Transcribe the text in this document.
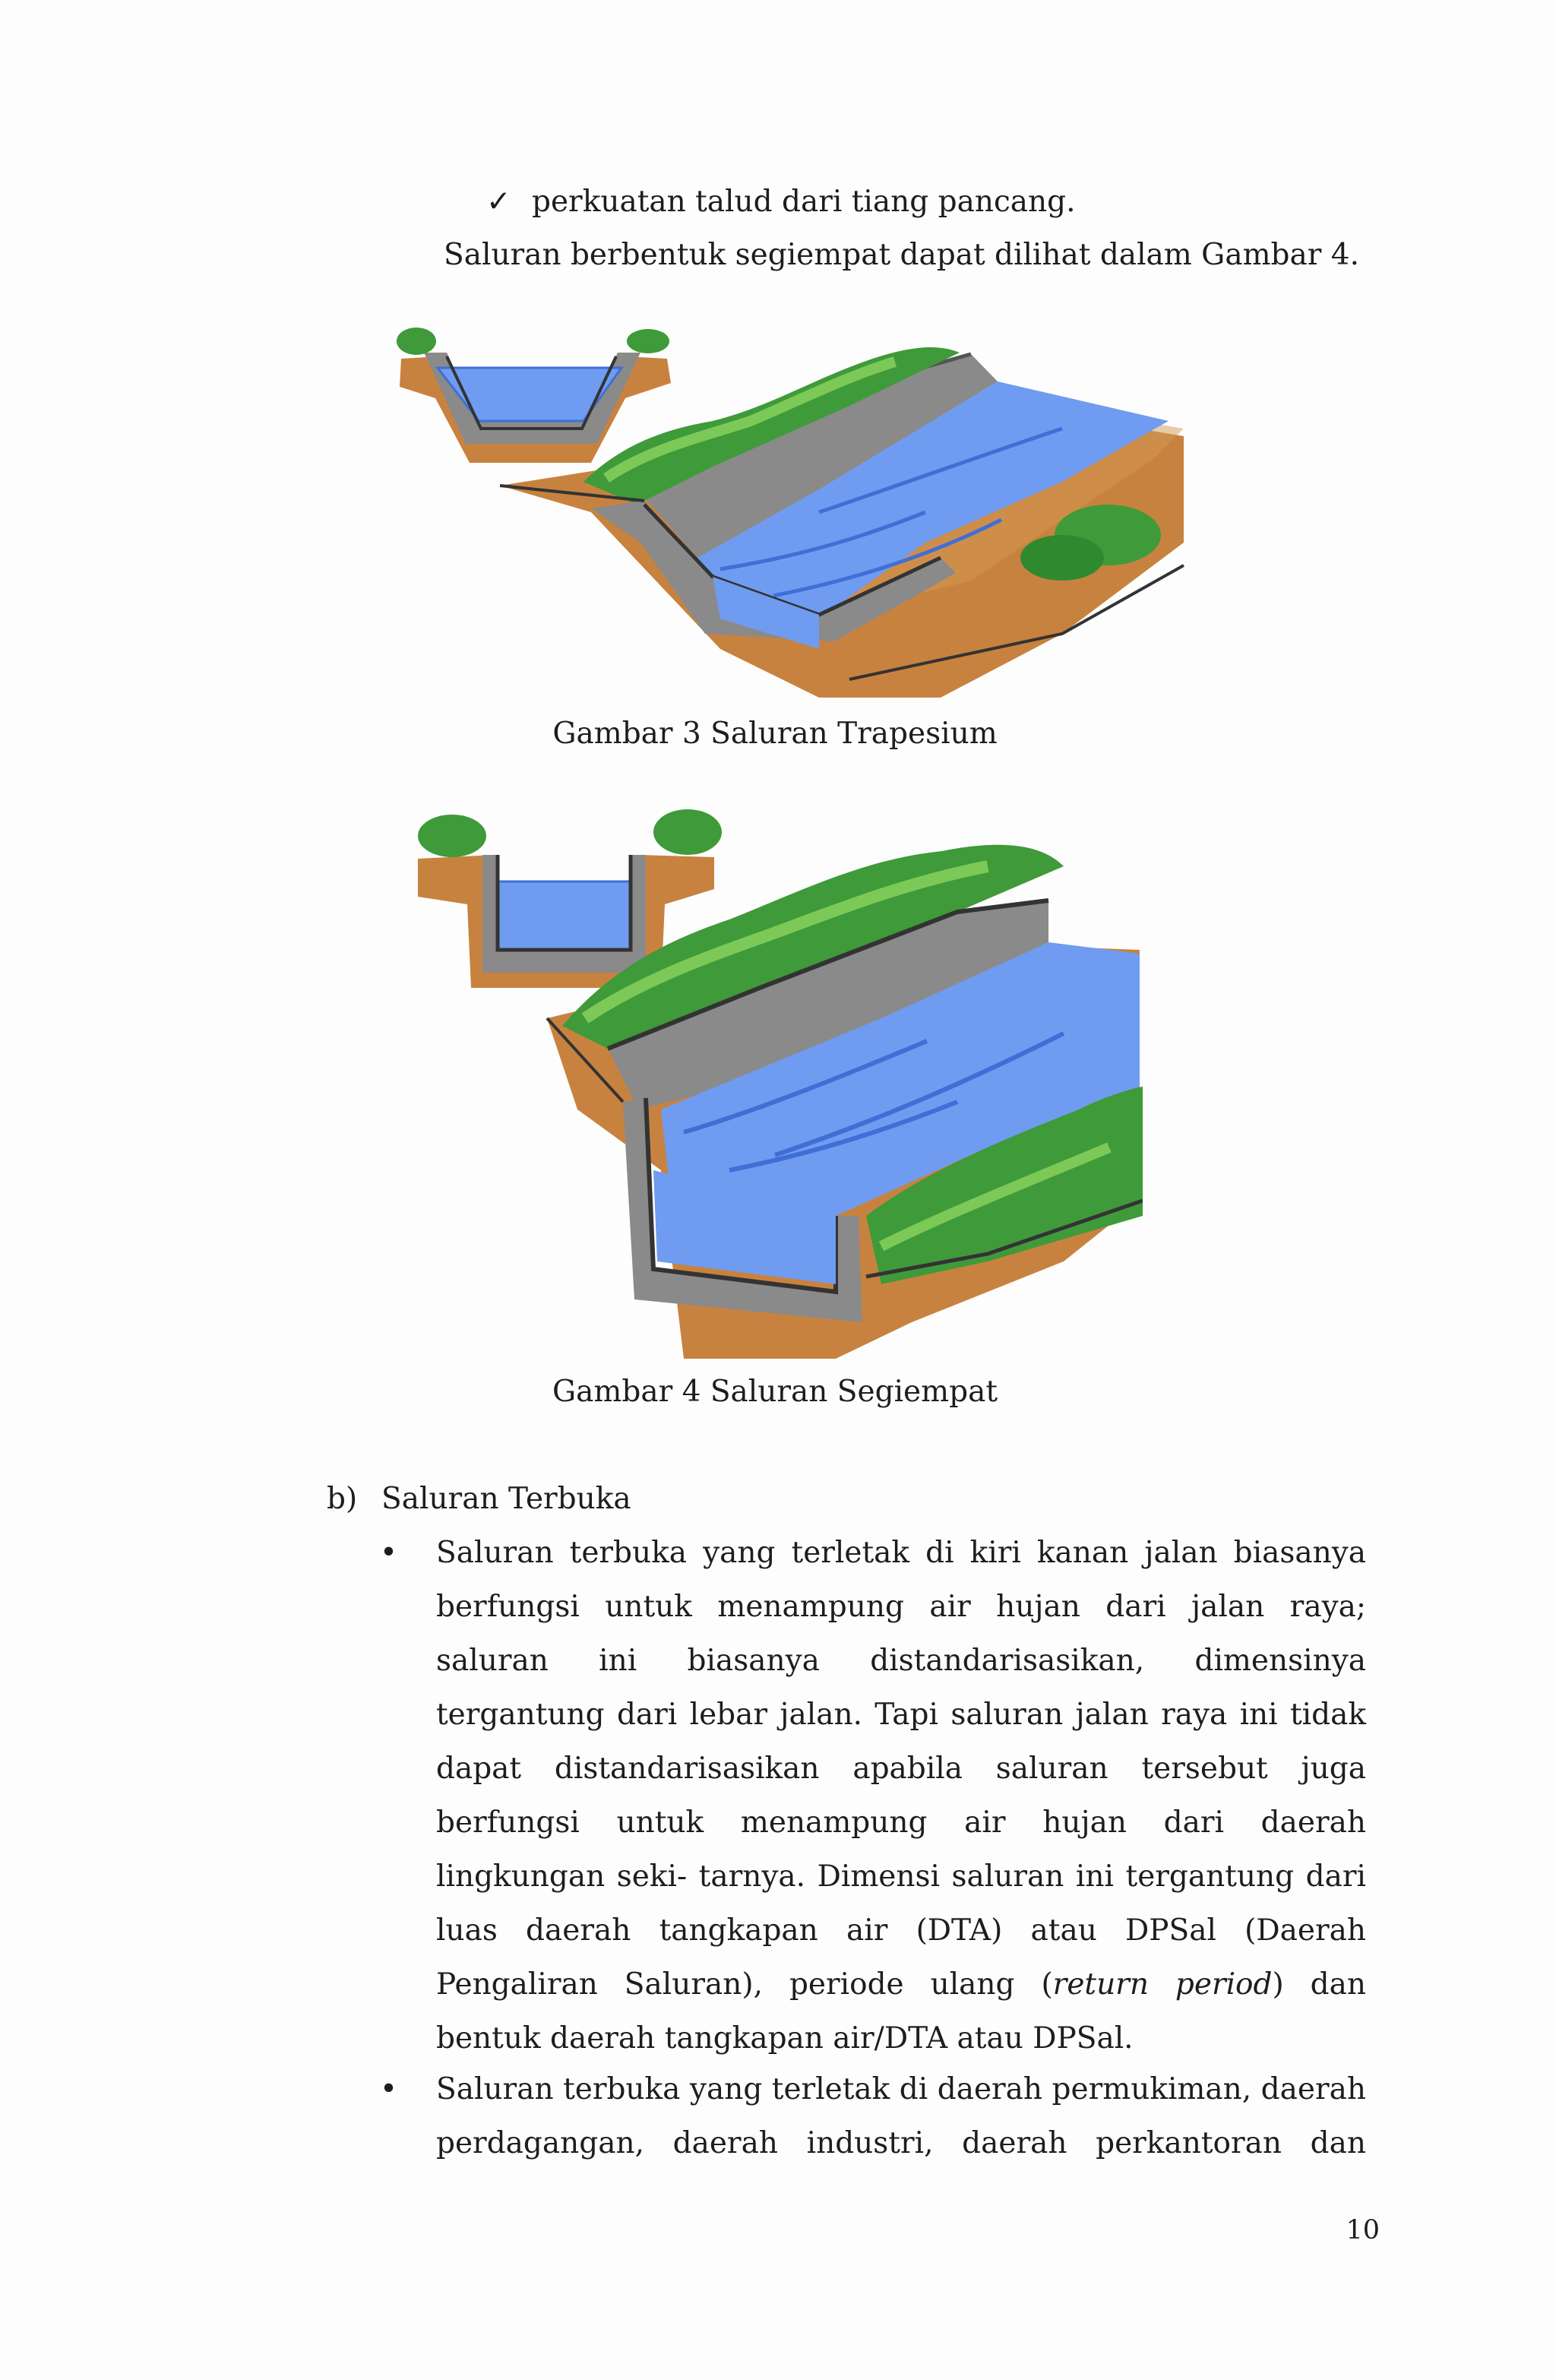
✓ perkuatan talud dari tiang pancang.
Saluran berbentuk segiempat dapat dilihat dalam Gambar 4.
Gambar 3 Saluran Trapesium
Gambar 4 Saluran Segiempat
b) Saluran Terbuka
• Saluran terbuka yang terletak di kiri kanan jalan biasanya berfungsi untuk menampung air hujan dari jalan raya; saluran ini biasanya distandarisasikan, dimensinya tergantung dari lebar jalan. Tapi saluran jalan raya ini tidak dapat distandarisasikan apabila saluran tersebut juga berfungsi untuk menampung air hujan dari daerah lingkungan seki- tarnya. Dimensi saluran ini tergantung dari luas daerah tangkapan air (DTA) atau DPSal (Daerah Pengaliran Saluran), periode ulang (return period) dan bentuk daerah tangkapan air/DTA atau DPSal.
• Saluran terbuka yang terletak di daerah permukiman, daerah perdagangan, daerah industri, daerah perkantoran dan
10
